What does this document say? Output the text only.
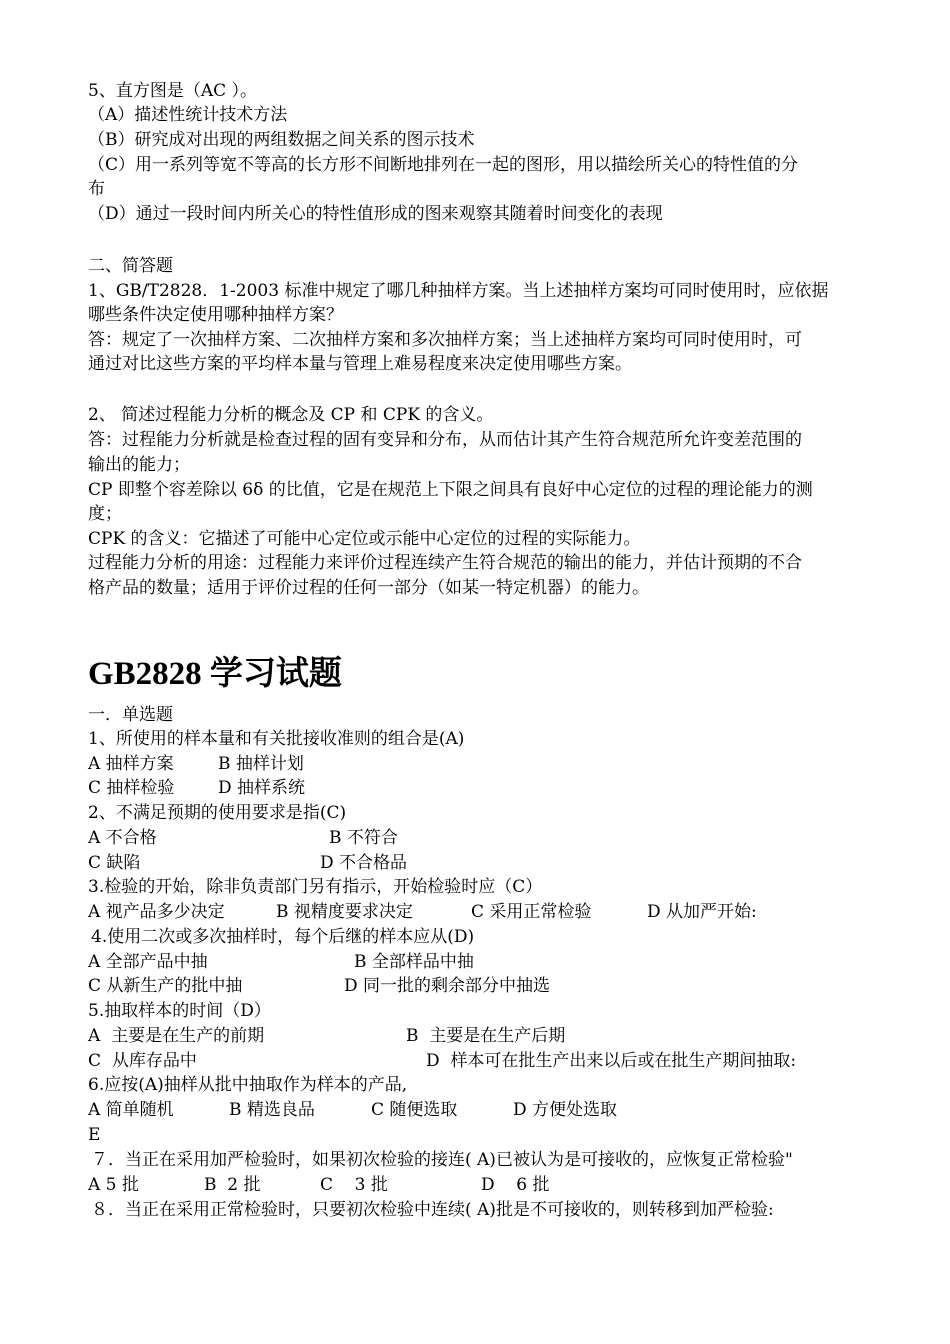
5、直方图是（AC ）。
（A）描述性统计技术方法
（B）研究成对出现的两组数据之间关系的图示技术
（C）用一系列等宽不等高的长方形不间断地排列在一起的图形，用以描绘所关心的特性值的分
布
（D）通过一段时间内所关心的特性值形成的图来观察其随着时间变化的表现
二、简答题
1、GB/T2828．1-2003 标准中规定了哪几种抽样方案。当上述抽样方案均可同时使用时，应依据
哪些条件决定使用哪种抽样方案？
答：规定了一次抽样方案、二次抽样方案和多次抽样方案；当上述抽样方案均可同时使用时，可
通过对比这些方案的平均样本量与管理上难易程度来决定使用哪些方案。
2、 简述过程能力分析的概念及 CP 和 CPK 的含义。
答：过程能力分析就是检查过程的固有变异和分布，从而估计其产生符合规范所允许变差范围的
输出的能力；
CP 即整个容差除以 6δ 的比值，它是在规范上下限之间具有良好中心定位的过程的理论能力的测
度；
CPK 的含义：它描述了可能中心定位或示能中心定位的过程的实际能力。
过程能力分析的用途：过程能力来评价过程连续产生符合规范的输出的能力，并估计预期的不合
格产品的数量；适用于评价过程的任何一部分（如某一特定机器）的能力。
GB2828 学习试题
一．单选题
1、所使用的样本量和有关批接收准则的组合是(A)
A 抽样方案	B 抽样计划
C 抽样检验	D 抽样系统
2、不满足预期的使用要求是指(C)
A 不合格	B 不符合
C 缺陷	D 不合格品
3.检验的开始，除非负责部门另有指示，开始检验时应（C）
A 视产品多少决定	B 视精度要求决定	C 采用正常检验	D 从加严开始:
4.使用二次或多次抽样时，每个后继的样本应从(D)
A 全部产品中抽	B 全部样品中抽
C 从新生产的批中抽	D 同一批的剩余部分中抽选
5.抽取样本的时间（D）
A  主要是在生产的前期	B  主要是在生产后期
C  从库存品中	D  样本可在批生产出来以后或在批生产期间抽取:
6.应按(A)抽样从批中抽取作为样本的产品,
A 简单随机	B 精选良品	C 随便选取	D 方便处选取
E
７．当正在采用加严检验时，如果初次检验的接连( A)已被认为是可接收的，应恢复正常检验"
A 5 批	B  2 批	C    3 批	D    6 批
８．当正在采用正常检验时，只要初次检验中连续( A)批是不可接收的，则转移到加严检验:
